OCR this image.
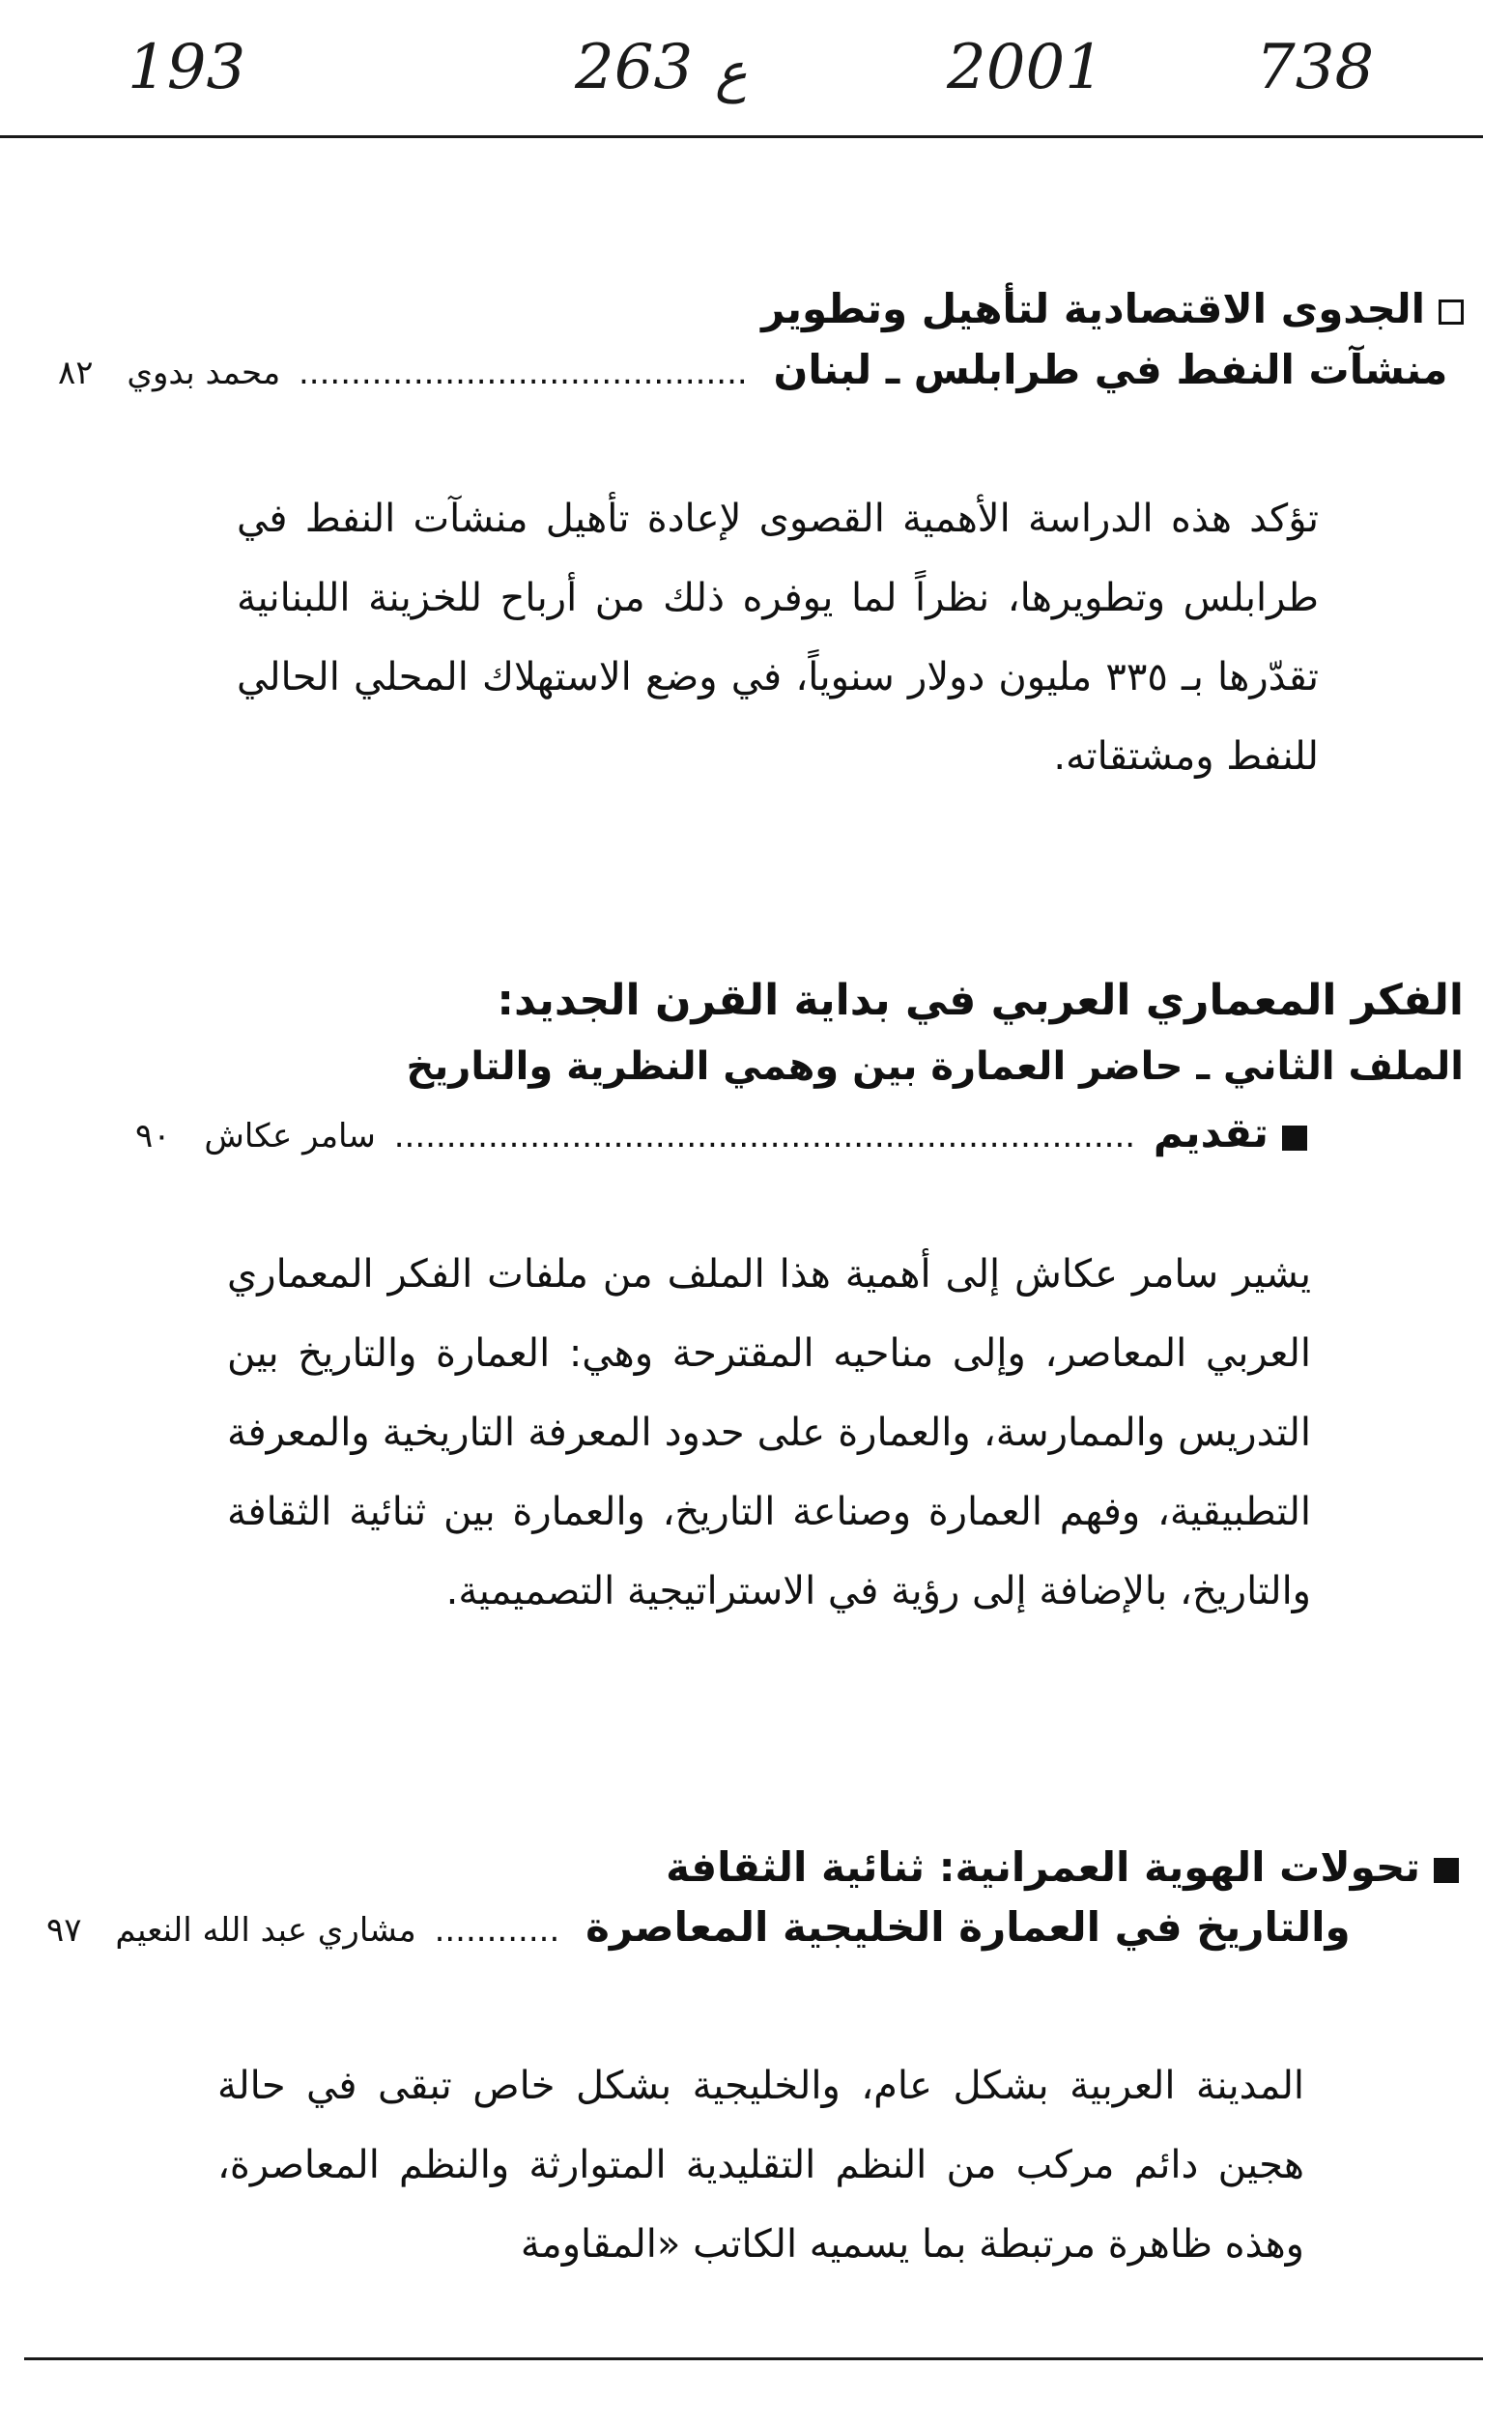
193	263 ع	2001 738
الجدوى الاقتصادية لتأهيل وتطوير
منشآت النفط في طرابلس ـ لبنان ........................................... محمد بدوي ٨٢

تؤكد هذه الدراسة الأهمية القصوى لإعادة تأهيل منشآت النفط في طرابلس وتطويرها، نظراً لما يوفره ذلك من أرباح للخزينة اللبنانية تقدّرها بـ ٣٣٥ مليون دولار سنوياً، في وضع الاستهلاك المحلي الحالي للنفط ومشتقاته.

الفكر المعماري العربي في بداية القرن الجديد:
الملف الثاني ـ حاضر العمارة بين وهمي النظرية والتاريخ
تقديم ....................................................................... سامر عكاش ٩٠

يشير سامر عكاش إلى أهمية هذا الملف من ملفات الفكر المعماري العربي المعاصر، وإلى مناحيه المقترحة وهي: العمارة والتاريخ بين التدريس والممارسة، والعمارة على حدود المعرفة التاريخية والمعرفة التطبيقية، وفهم العمارة وصناعة التاريخ، والعمارة بين ثنائية الثقافة والتاريخ، بالإضافة إلى رؤية في الاستراتيجية التصميمية.

تحولات الهوية العمرانية: ثنائية الثقافة
والتاريخ في العمارة الخليجية المعاصرة ............ مشاري عبد الله النعيم ٩٧

المدينة العربية بشكل عام، والخليجية بشكل خاص تبقى في حالة هجين دائم مركب من النظم التقليدية المتوارثة والنظم المعاصرة، وهذه ظاهرة مرتبطة بما يسميه الكاتب «المقاومة
